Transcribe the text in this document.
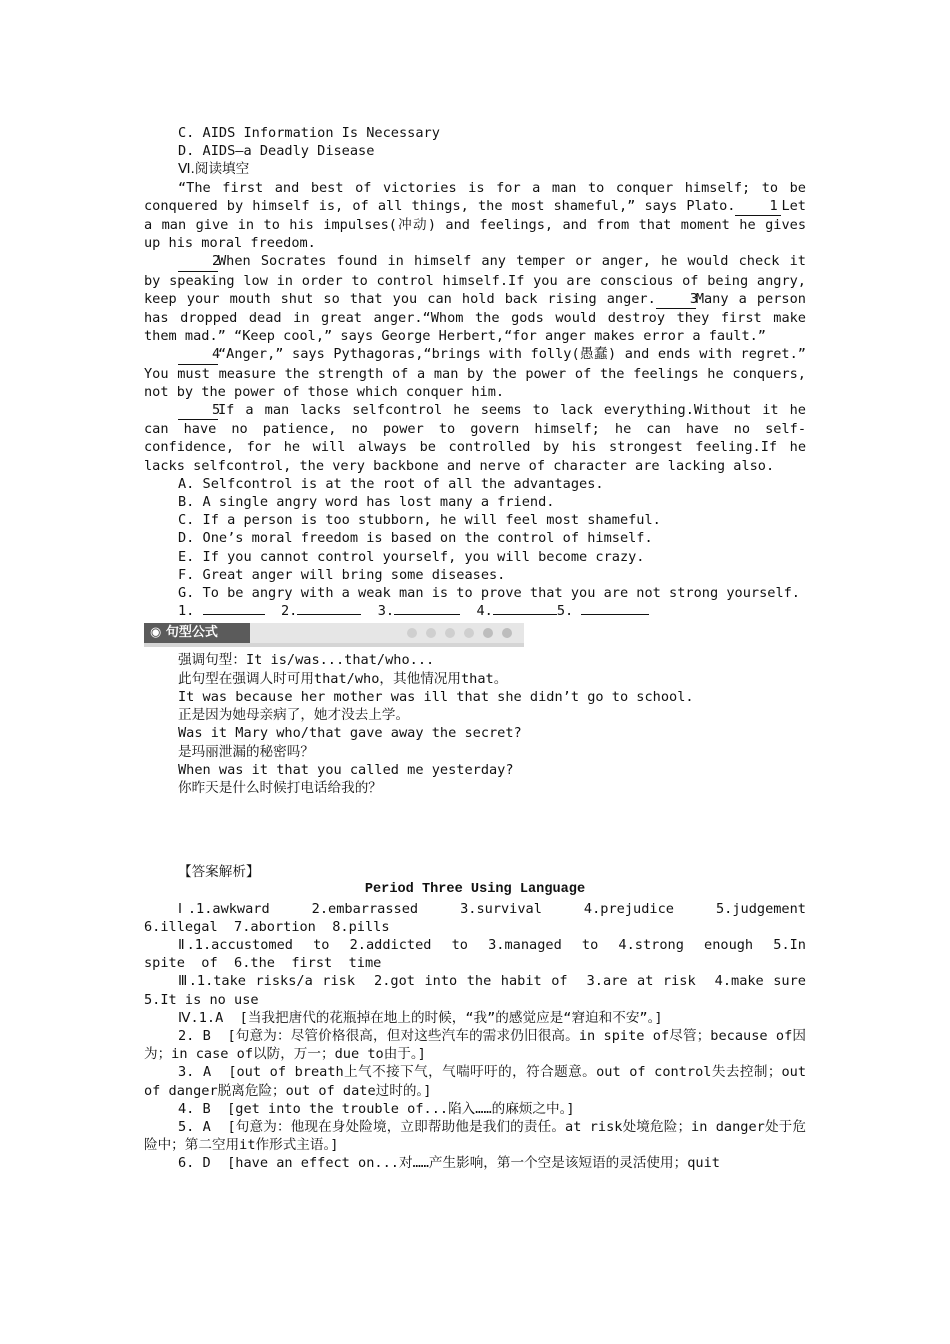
C. AIDS Information Is Necessary
D. AIDS—a Deadly Disease
Ⅵ.阅读填空
“The first and best of victories is for a man to conquer himself; to be conquered by himself is, of all things, the most shameful,” says Plato.	1 Let a man give in to his impulses(冲动) and feelings, and from that moment he gives up his moral freedom.
2When Socrates found in himself any temper or anger, he would check it by speaking low in order to control himself.If you are conscious of being angry, keep your mouth shut so that you can hold back rising anger.	3Many a person has dropped dead in great anger.“Whom the gods would destroy they first make them mad.” “Keep cool,” says George Herbert,“for anger makes error a fault.”
4“Anger,” says Pythagoras,“brings with folly(愚蠢) and ends with regret.” You must measure the strength of a man by the power of the feelings he conquers, not by the power of those which conquer him.
5If a man lacks selfcontrol he seems to lack everything.Without it he can have no patience, no power to govern himself; he can have no self-confidence, for he will always be controlled by his strongest feeling.If he lacks selfcontrol, the very backbone and nerve of character are lacking also.
A. Selfcontrol is at the root of all the advantages.
B. A single angry word has lost many a friend.
C. If a person is too stubborn, he will feel most shameful.
D. One’s moral freedom is based on the control of himself.
E. If you cannot control yourself, you will become crazy.
F. Great anger will bring some diseases.
G. To be angry with a weak man is to prove that you are not strong yourself.
1.	2.	3.	4.	5.
◉ 句型公式
强调句型：It is/was...that/who...
此句型在强调人时可用that/who，其他情况用that。
It was because her mother was ill that she didn’t go to school.
正是因为她母亲病了，她才没去上学。
Was it Mary who/that gave away the secret?
是玛丽泄漏的秘密吗？
When was it that you called me yesterday?
你昨天是什么时候打电话给我的？
【答案解析】
Period Three Using Language
Ⅰ.1.awkward   2.embarrassed   3.survival   4.prejudice   5.judgement 6.illegal  7.abortion  8.pills
Ⅱ.1.accustomed  to  2.addicted  to  3.managed  to  4.strong  enough  5.In spite  of  6.the  first  time
Ⅲ.1.take risks/a risk  2.got into the habit of  3.are at risk  4.make sure 5.It is no use
Ⅳ.1.A  [当我把唐代的花瓶掉在地上的时候，“我”的感觉应是“窘迫和不安”。]
2. B  [句意为：尽管价格很高，但对这些汽车的需求仍旧很高。in spite of尽管；because of因为；in case of以防，万一；due to由于。]
3. A  [out of breath上气不接下气，气喘吁吁的，符合题意。out of control失去控制；out of danger脱离危险；out of date过时的。]
4. B  [get into the trouble of...陷入……的麻烦之中。]
5. A  [句意为：他现在身处险境，立即帮助他是我们的责任。at risk处境危险；in danger处于危险中；第二空用it作形式主语。]
6. D  [have an effect on...对……产生影响，第一个空是该短语的灵活使用；quit
